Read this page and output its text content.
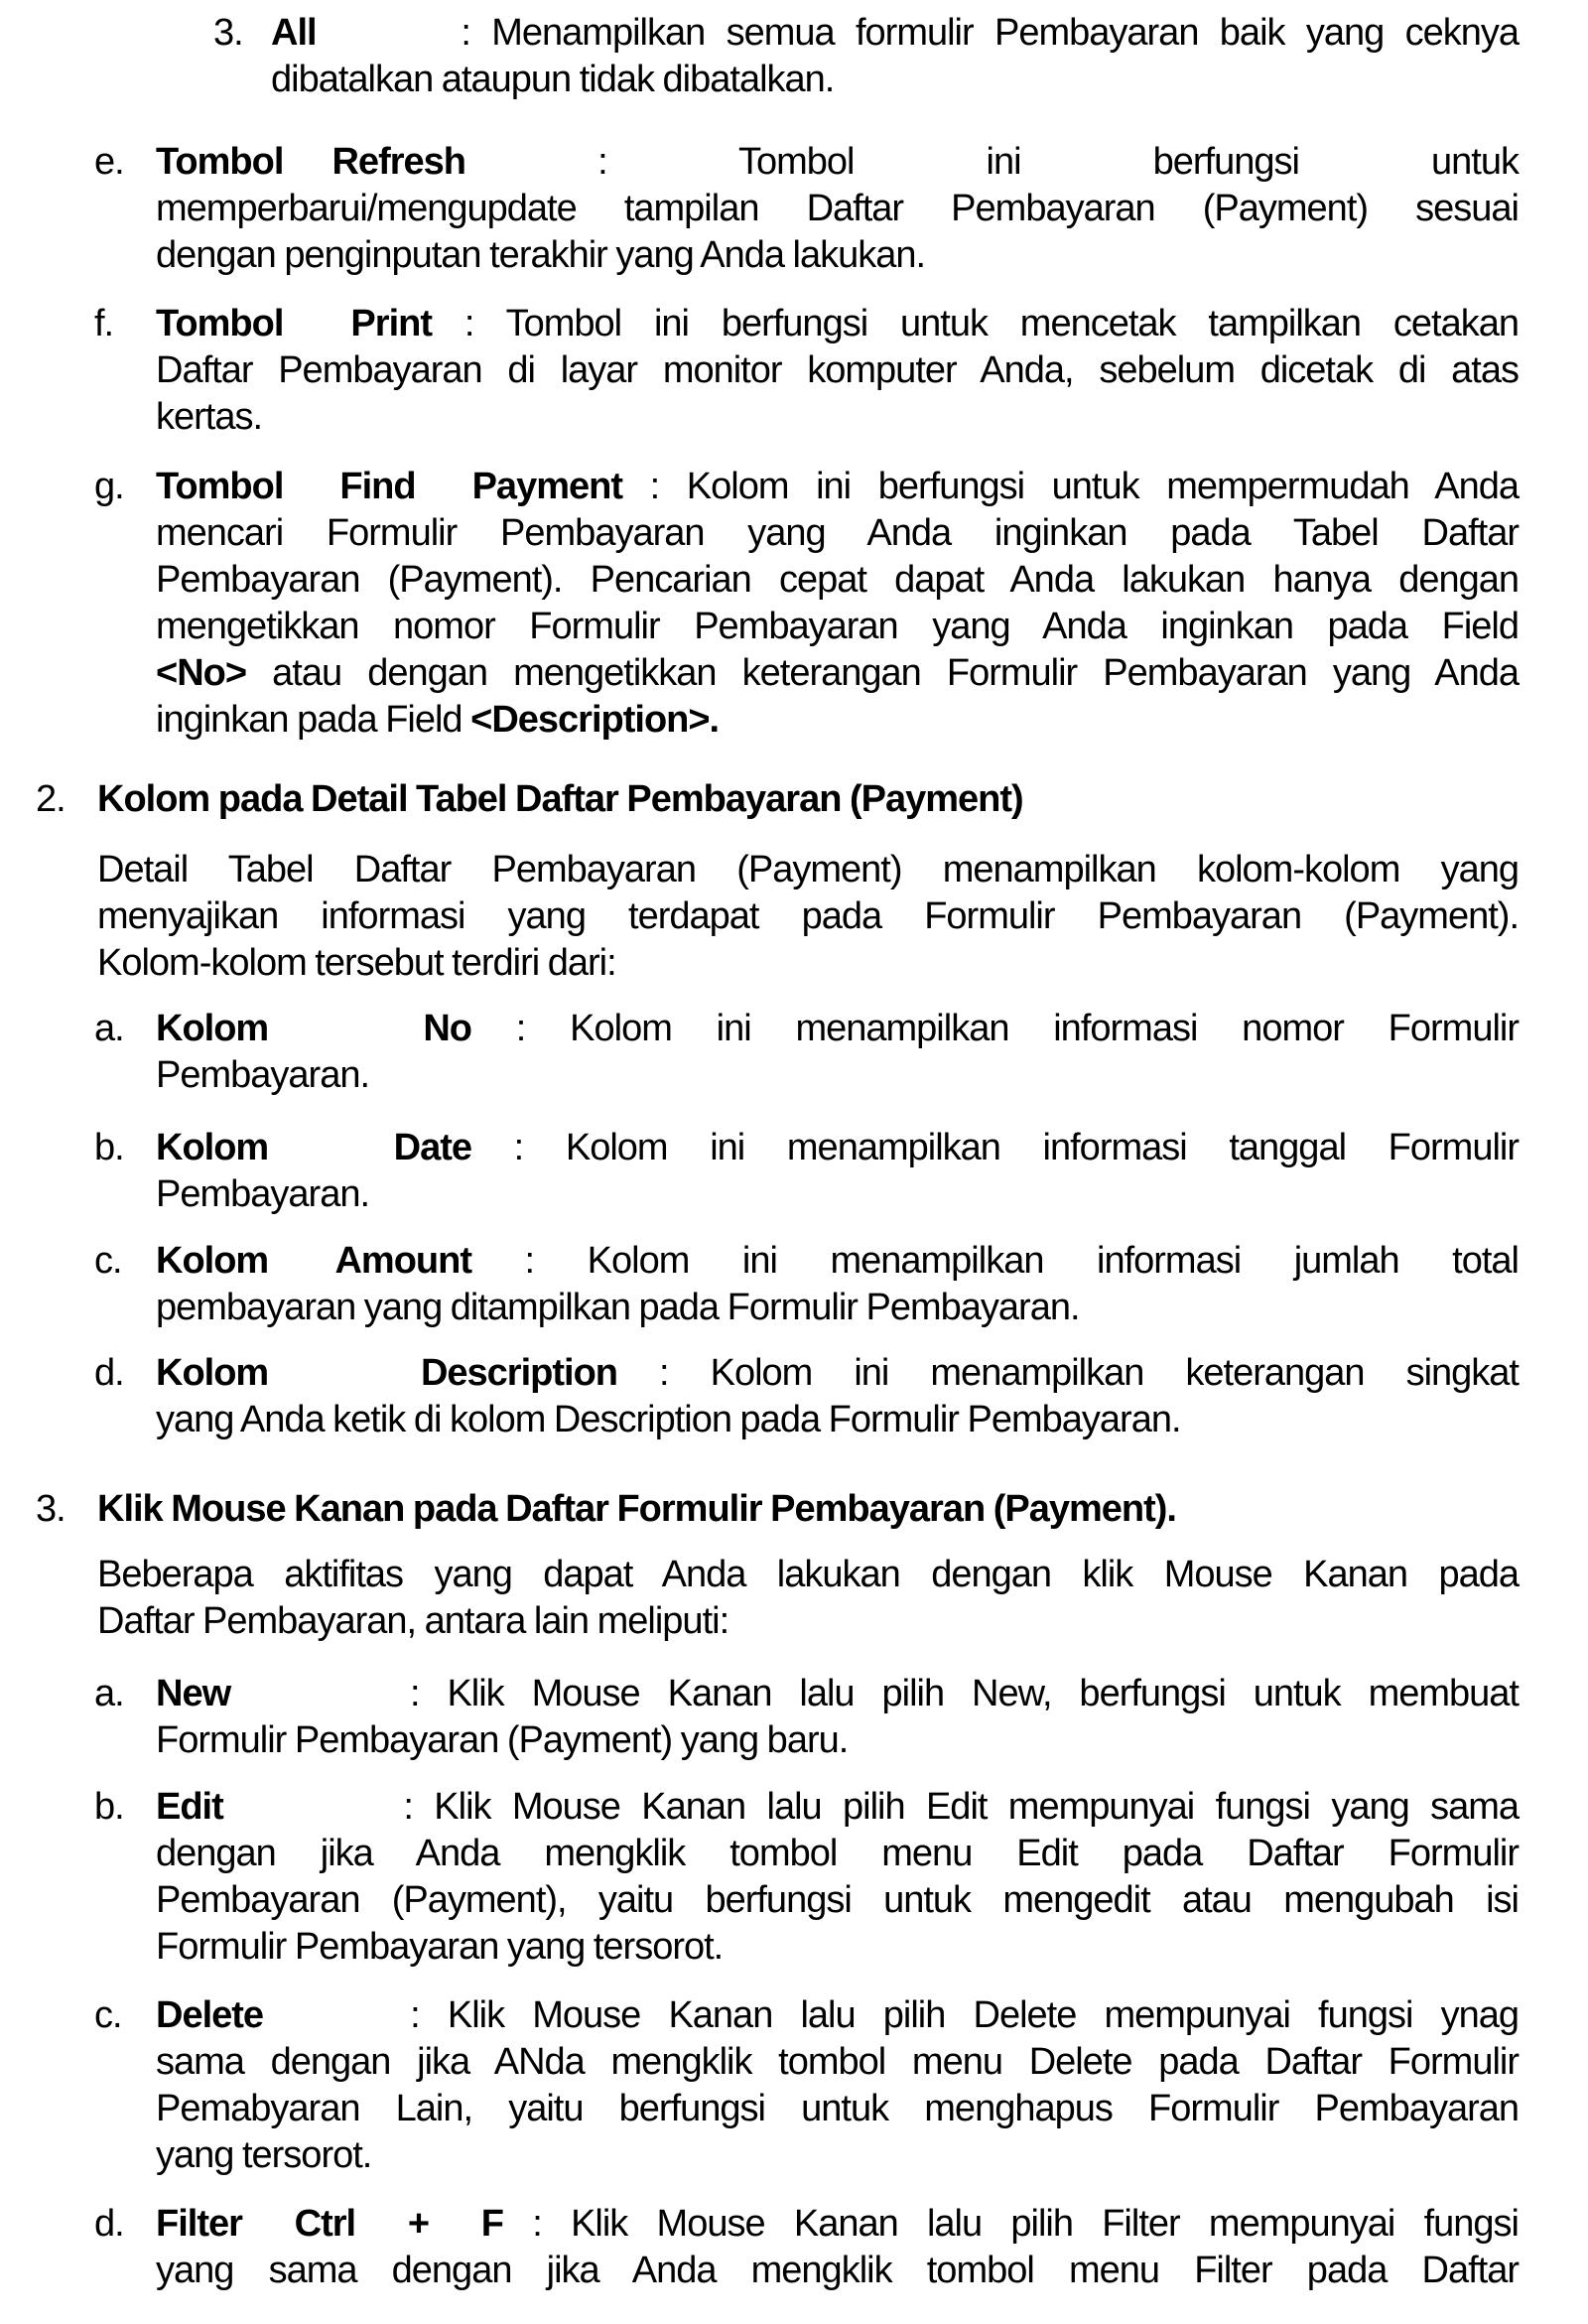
3. All	: Menampilkan semua formulir Pembayaran baik yang ceknya
dibatalkan ataupun tidak dibatalkan.
e. Tombol Refresh	:	Tombol ini berfungsi untuk
memperbarui/mengupdate tampilan Daftar Pembayaran (Payment) sesuai
dengan penginputan terakhir yang Anda lakukan.
f. Tombol Print : Tombol ini berfungsi untuk mencetak tampilkan cetakan
Daftar Pembayaran di layar monitor komputer Anda, sebelum dicetak di atas
kertas.
g. Tombol Find Payment : Kolom ini berfungsi untuk mempermudah Anda
mencari Formulir Pembayaran yang Anda inginkan pada Tabel Daftar
Pembayaran (Payment). Pencarian cepat dapat Anda lakukan hanya dengan
mengetikkan nomor Formulir Pembayaran yang Anda inginkan pada Field
<No> atau dengan mengetikkan keterangan Formulir Pembayaran yang Anda
inginkan pada Field <Description>.
2. Kolom pada Detail Tabel Daftar Pembayaran (Payment)
Detail Tabel Daftar Pembayaran (Payment) menampilkan kolom-kolom yang
menyajikan informasi yang terdapat pada Formulir Pembayaran (Payment).
Kolom-kolom tersebut terdiri dari:
a. Kolom No : Kolom ini menampilkan informasi nomor Formulir
Pembayaran.
b. Kolom Date : Kolom ini menampilkan informasi tanggal Formulir
Pembayaran.
c. Kolom Amount : Kolom ini menampilkan informasi jumlah total
pembayaran yang ditampilkan pada Formulir Pembayaran.
d. Kolom Description : Kolom ini menampilkan keterangan singkat
yang Anda ketik di kolom Description pada Formulir Pembayaran.
3. Klik Mouse Kanan pada Daftar Formulir Pembayaran (Payment).
Beberapa aktifitas yang dapat Anda lakukan dengan klik Mouse Kanan pada
Daftar Pembayaran, antara lain meliputi:
a. New	: Klik Mouse Kanan lalu pilih New, berfungsi untuk membuat
Formulir Pembayaran (Payment) yang baru.
b. Edit	: Klik Mouse Kanan lalu pilih Edit mempunyai fungsi yang sama
dengan jika Anda mengklik tombol menu Edit pada Daftar Formulir
Pembayaran (Payment), yaitu berfungsi untuk mengedit atau mengubah isi
Formulir Pembayaran yang tersorot.
c. Delete	: Klik Mouse Kanan lalu pilih Delete mempunyai fungsi ynag
sama dengan jika ANda mengklik tombol menu Delete pada Daftar Formulir
Pemabyaran Lain, yaitu berfungsi untuk menghapus Formulir Pembayaran
yang tersorot.
d. Filter Ctrl + F : Klik Mouse Kanan lalu pilih Filter mempunyai fungsi
yang sama dengan jika Anda mengklik tombol menu Filter pada Daftar
